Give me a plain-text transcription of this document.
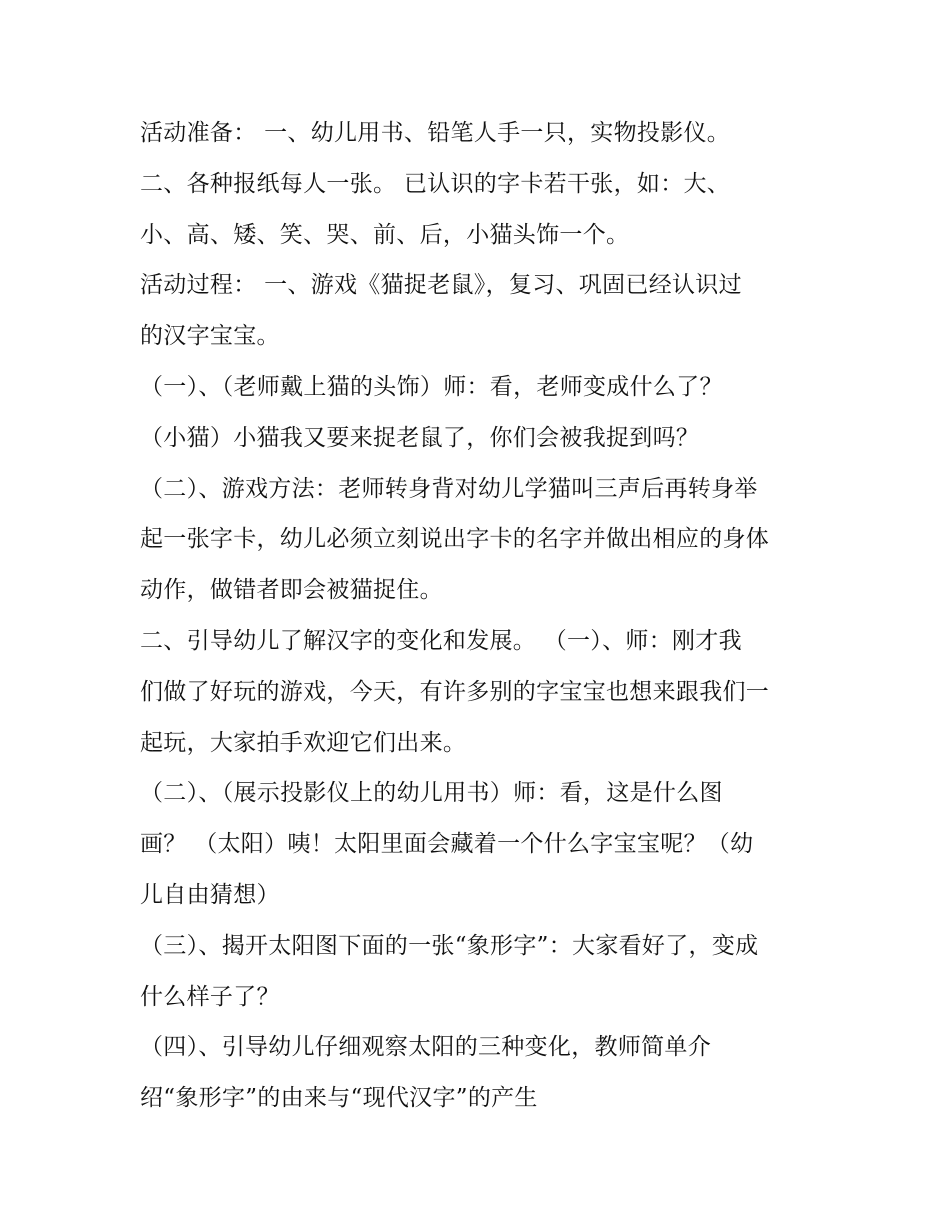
活动准备： 一、幼儿用书、铅笔人手一只，实物投影仪。
二、各种报纸每人一张。 已认识的字卡若干张，如：大、
小、高、矮、笑、哭、前、后，小猫头饰一个。
活动过程： 一、游戏《猫捉老鼠》，复习、巩固已经认识过
的汉字宝宝。
（一）、（老师戴上猫的头饰）师：看，老师变成什么了？
（小猫）小猫我又要来捉老鼠了，你们会被我捉到吗？
（二）、游戏方法：老师转身背对幼儿学猫叫三声后再转身举
起一张字卡，幼儿必须立刻说出字卡的名字并做出相应的身体
动作，做错者即会被猫捉住。
二、引导幼儿了解汉字的变化和发展。 （一）、师：刚才我
们做了好玩的游戏，今天，有许多别的字宝宝也想来跟我们一
起玩，大家拍手欢迎它们出来。
（二）、（展示投影仪上的幼儿用书）师：看，这是什么图
画？ （太阳）咦！太阳里面会藏着一个什么字宝宝呢？（幼
儿自由猜想）
（三）、揭开太阳图下面的一张“象形字”：大家看好了，变成
什么样子了？
（四）、引导幼儿仔细观察太阳的三种变化，教师简单介
绍“象形字”的由来与“现代汉字”的产生
